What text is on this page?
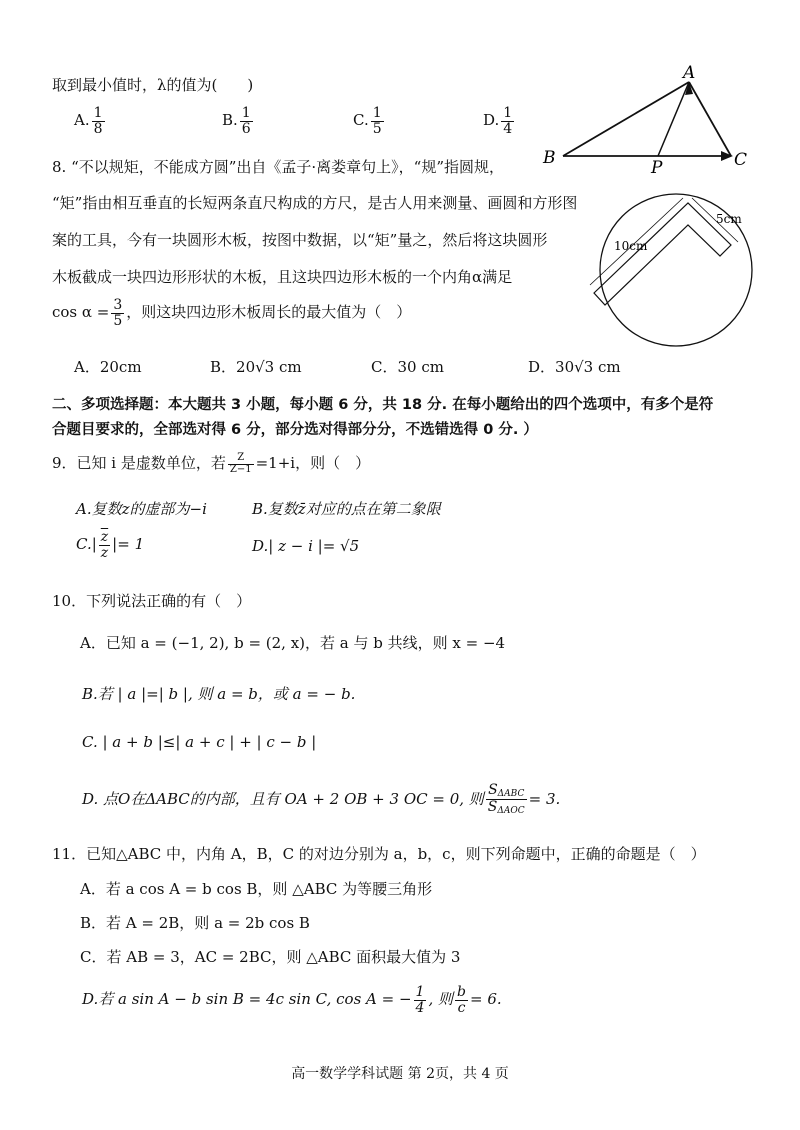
取到最小值时，λ的值为(　　)
A. $\frac{1}{8}$	B. $\frac{1}{6}$	C. $\frac{1}{5}$	D. $\frac{1}{4}$
A
B	P	C
8. “不以规矩，不能成方圆”出自《孟子·离娄章句上》，“规”指圆规，
“矩”指由相互垂直的长短两条直尺构成的方尺，是古人用来测量、画圆和方形图
案的工具，今有一块圆形木板，按图中数据，以“矩”量之，然后将这块圆形
木板截成一块四边形形状的木板，且这块四边形木板的一个内角α满足
$\cos \alpha = \frac{3}{5}$ ，则这块四边形木板周长的最大值为（　）
10cm
5cm
A．20cm	B．20√3 cm	C．30 cm	D．30√3 cm
二、多项选择题：本大题共 3 小题，每小题 6 分，共 18 分. 在每小题给出的四个选项中，有多个是符
合题目要求的，全部选对得 6 分，部分选对得部分分，不选错选得 0 分. ）
9．已知 i 是虚数单位，若 $\frac{Z}{Z-1} =1+i$，则（　）
A.复数z的虚部为−i	B.复数z̄对应的点在第二象限
$C.| \frac{\overline{z}}{z}$ |= 1	D.| z − i |= √5
10．下列说法正确的有（　）
A．已知 a = (−1, 2), b = (2, x)，若 a 与 b 共线，则 x = −4
B.若 | a |=| b |, 则 a = b，或 a = − b.
C. | a + b |≤| a + c | + | c − b |
D. 点O在ΔABC的内部，且有 OA + 2 OB + 3 OC = 0, 则 $\frac{S_{\Delta ABC}}{S_{\Delta AOC}} = 3$.
11．已知△ABC 中，内角 A，B，C 的对边分别为 a，b，c，则下列命题中，正确的命题是（　）
A．若 a cos A = b cos B，则 △ABC 为等腰三角形
B．若 A = 2B，则 a = 2b cos B
C．若 AB = 3，AC = 2BC，则 △ABC 面积最大值为 3
D.若 a sin A − b sin B = 4c sin C, cos A = − $\frac{1}{4}$ , 则 $\frac{b}{c} = 6$.
高一数学学科试题 第 2页，共 4 页
